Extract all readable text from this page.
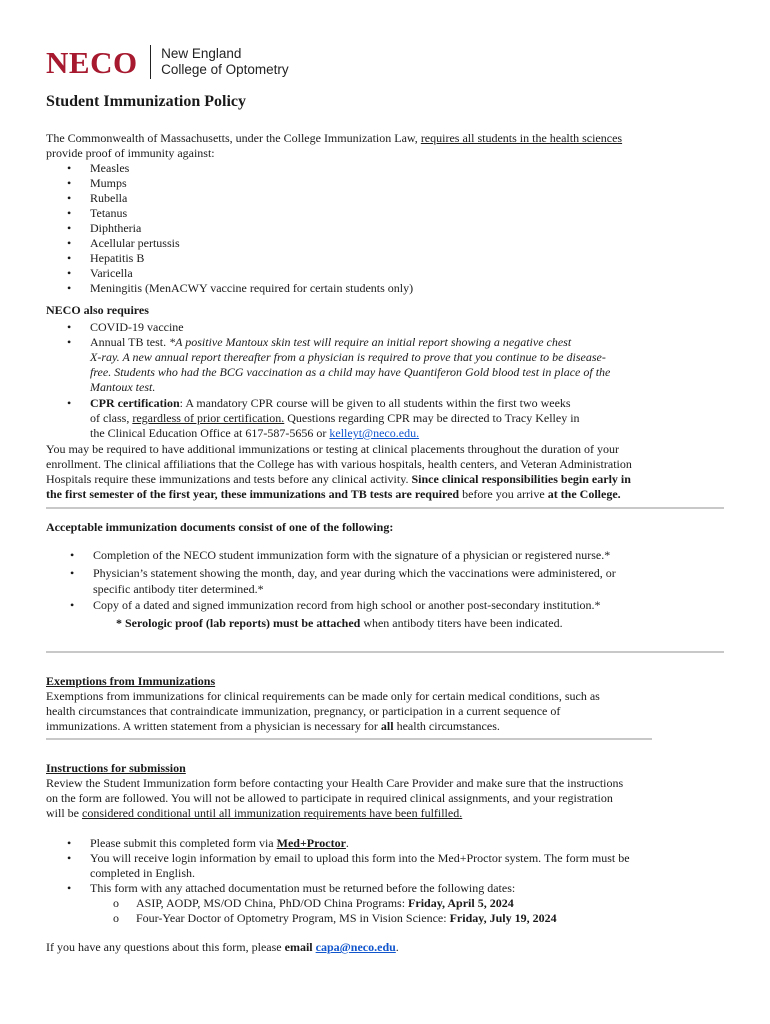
NECO New England
College of Optometry
Student Immunization Policy
The Commonwealth of Massachusetts, under the College Immunization Law, requires all students in the health sciences
provide proof of immunity against:
• Measles
• Mumps
• Rubella
• Tetanus
• Diphtheria
• Acellular pertussis
• Hepatitis B
• Varicella
• Meningitis (MenACWY vaccine required for certain students only)
NECO also requires
• COVID-19 vaccine
• Annual TB test. *A positive Mantoux skin test will require an initial report showing a negative chest
X-ray. A new annual report thereafter from a physician is required to prove that you continue to be disease-
free. Students who had the BCG vaccination as a child may have Quantiferon Gold blood test in place of the
Mantoux test.
• CPR certification: A mandatory CPR course will be given to all students within the first two weeks
of class, regardless of prior certification. Questions regarding CPR may be directed to Tracy Kelley in
the Clinical Education Office at 617-587-5656 or kelleyt@neco.edu.
You may be required to have additional immunizations or testing at clinical placements throughout the duration of your
enrollment. The clinical affiliations that the College has with various hospitals, health centers, and Veteran Administration
Hospitals require these immunizations and tests before any clinical activity. Since clinical responsibilities begin early in
the first semester of the first year, these immunizations and TB tests are required before you arrive at the College.
Acceptable immunization documents consist of one of the following:
• Completion of the NECO student immunization form with the signature of a physician or registered nurse.*
• Physician’s statement showing the month, day, and year during which the vaccinations were administered, or
specific antibody titer determined.*
• Copy of a dated and signed immunization record from high school or another post-secondary institution.*
* Serologic proof (lab reports) must be attached when antibody titers have been indicated.
Exemptions from Immunizations
Exemptions from immunizations for clinical requirements can be made only for certain medical conditions, such as
health circumstances that contraindicate immunization, pregnancy, or participation in a current sequence of
immunizations. A written statement from a physician is necessary for all health circumstances.
Instructions for submission
Review the Student Immunization form before contacting your Health Care Provider and make sure that the instructions
on the form are followed. You will not be allowed to participate in required clinical assignments, and your registration
will be considered conditional until all immunization requirements have been fulfilled.
• Please submit this completed form via Med+Proctor.
• You will receive login information by email to upload this form into the Med+Proctor system. The form must be
completed in English.
• This form with any attached documentation must be returned before the following dates:
o ASIP, AODP, MS/OD China, PhD/OD China Programs: Friday, April 5, 2024
o Four-Year Doctor of Optometry Program, MS in Vision Science: Friday, July 19, 2024
If you have any questions about this form, please email capa@neco.edu.
